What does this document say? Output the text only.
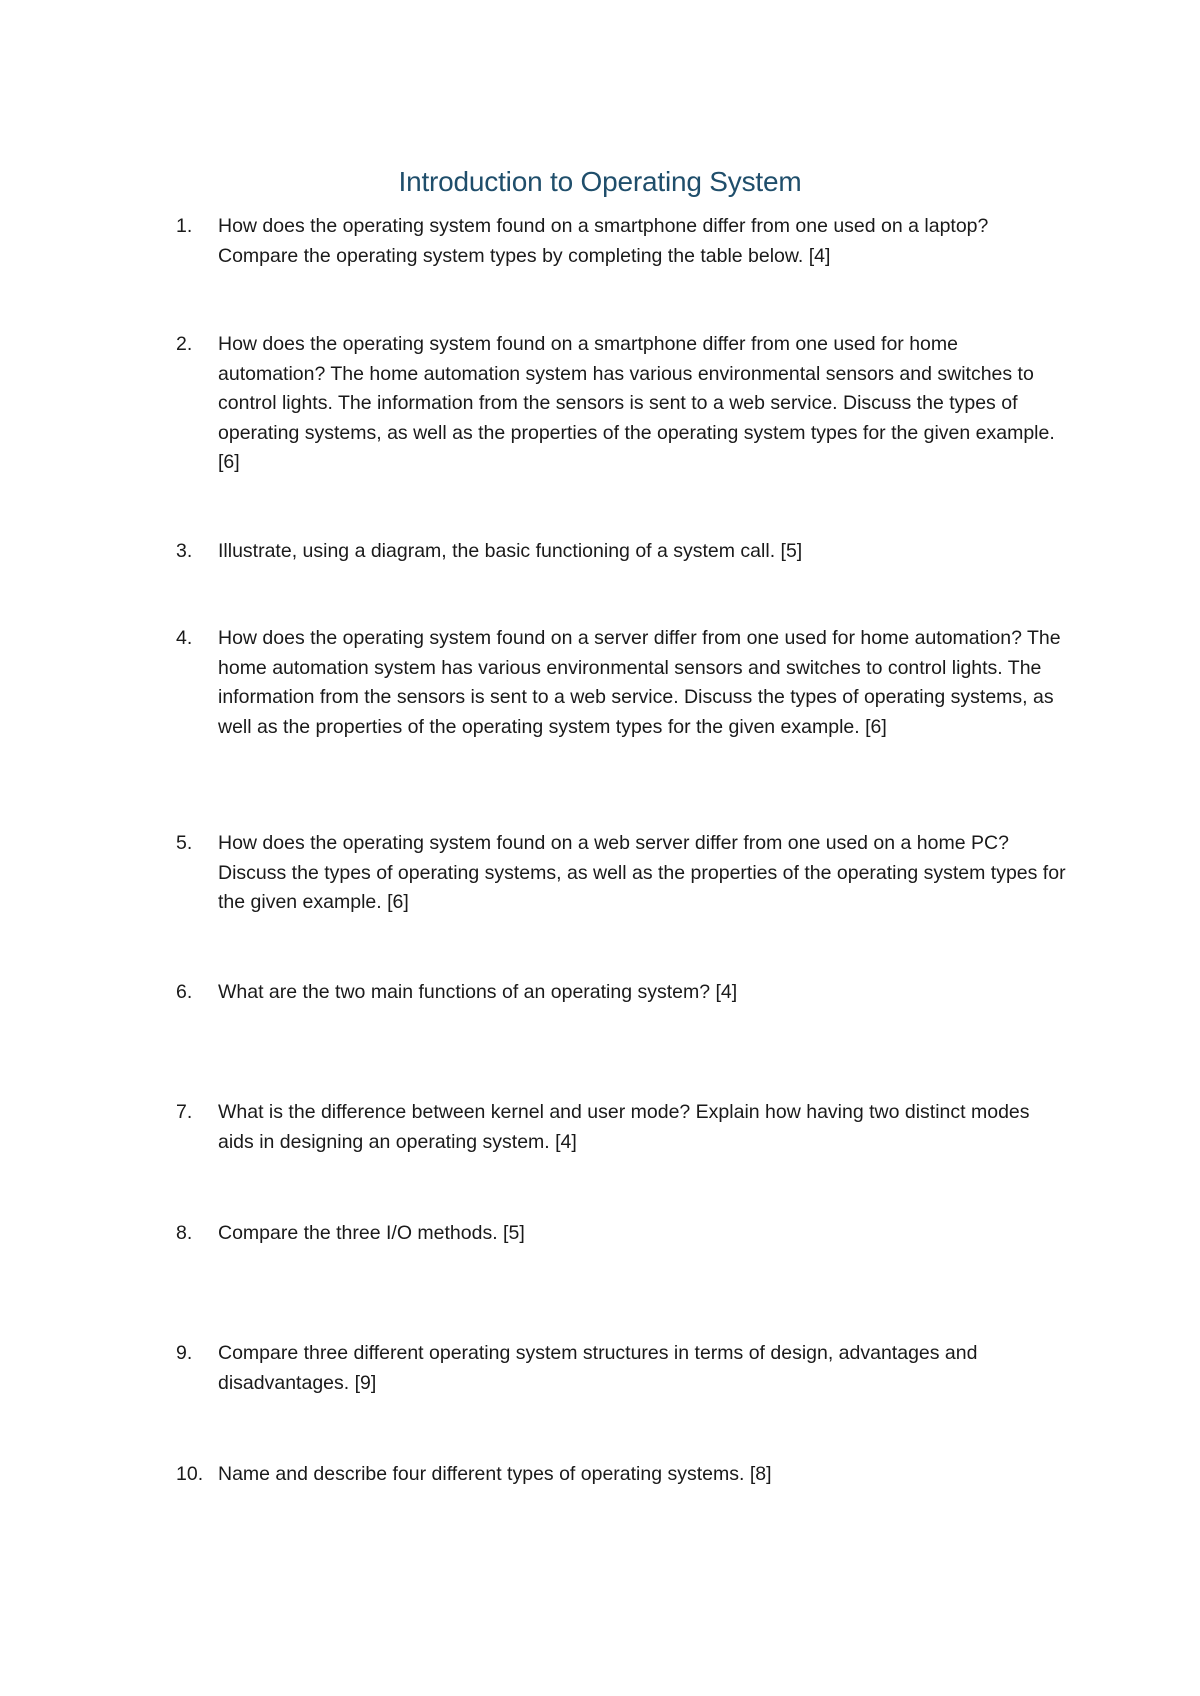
Introduction to Operating System
1.	How does the operating system found on a smartphone differ from one used on a laptop? Compare the operating system types by completing the table below. [4]
2.	How does the operating system found on a smartphone differ from one used for home automation? The home automation system has various environmental sensors and switches to control lights. The information from the sensors is sent to a web service. Discuss the types of operating systems, as well as the properties of the operating system types for the given example. [6]
3.	Illustrate, using a diagram, the basic functioning of a system call. [5]
4.	How does the operating system found on a server differ from one used for home automation? The home automation system has various environmental sensors and switches to control lights. The information from the sensors is sent to a web service. Discuss the types of operating systems, as well as the properties of the operating system types for the given example. [6]
5.	How does the operating system found on a web server differ from one used on a home PC? Discuss the types of operating systems, as well as the properties of the operating system types for the given example. [6]
6.	What are the two main functions of an operating system? [4]
7.	What is the difference between kernel and user mode? Explain how having two distinct modes aids in designing an operating system. [4]
8.	Compare the three I/O methods. [5]
9.	Compare three different operating system structures in terms of design, advantages and disadvantages. [9]
10. Name and describe four different types of operating systems. [8]
